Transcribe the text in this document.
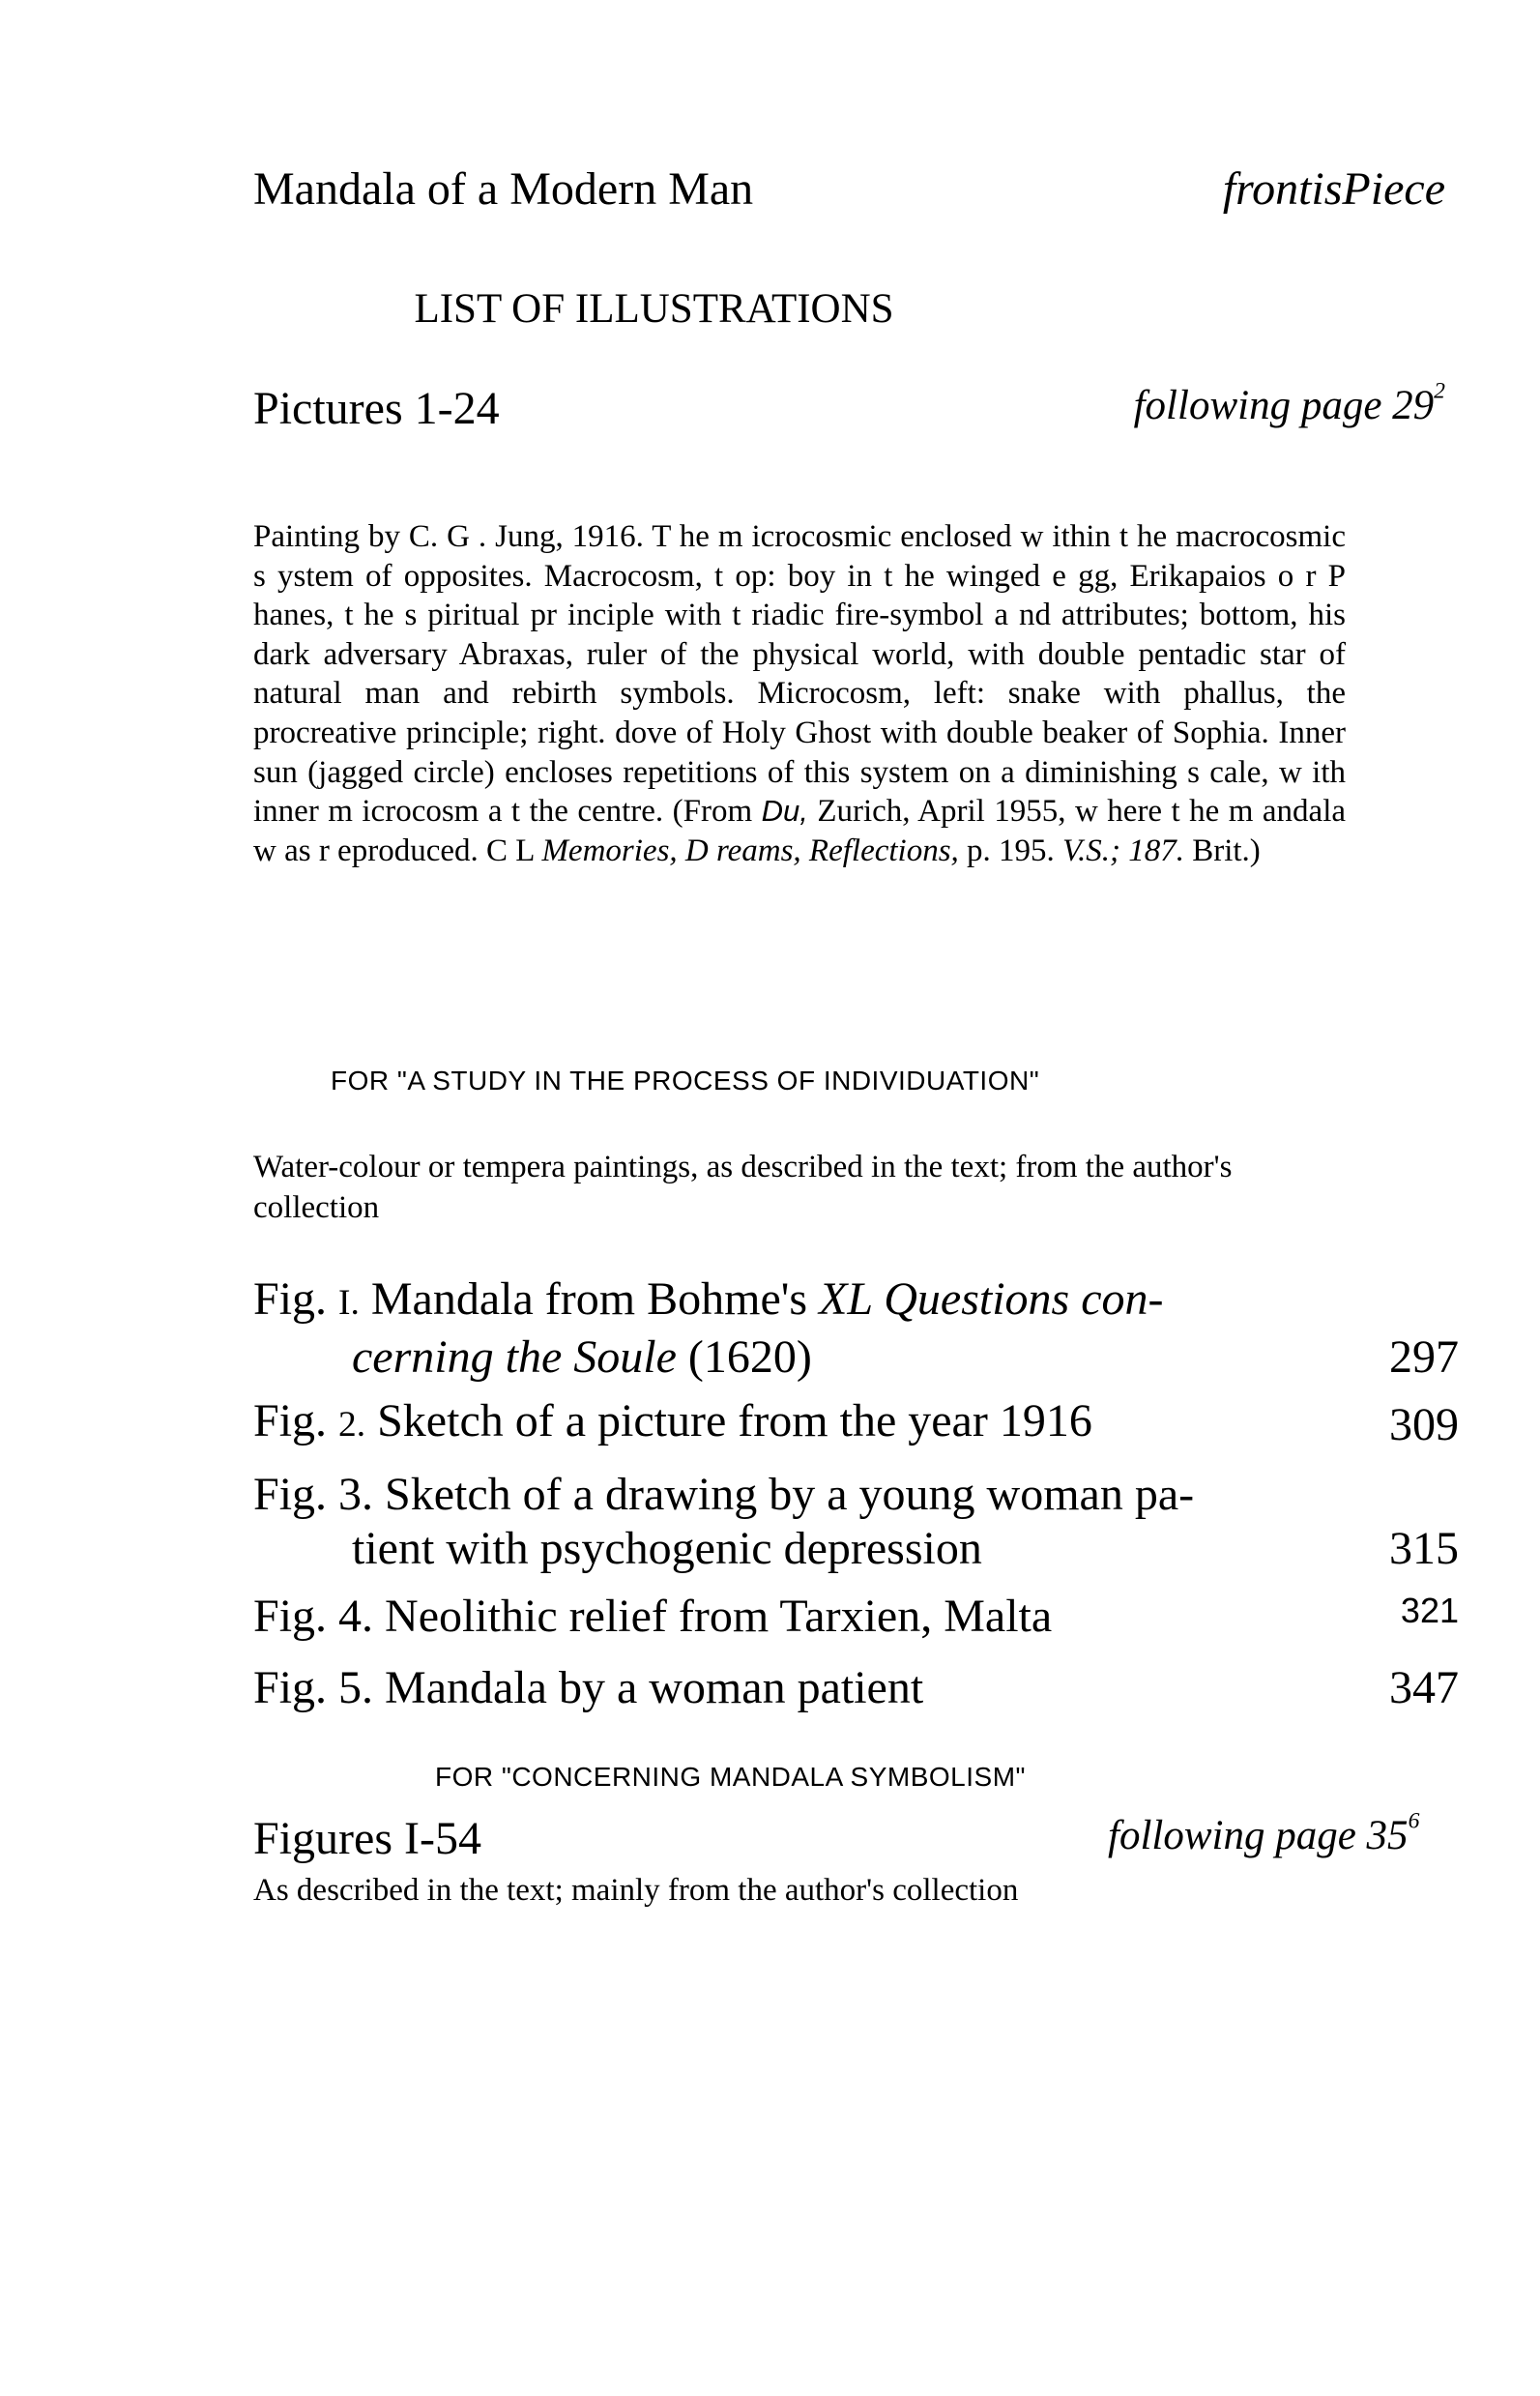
Mandala of a Modern Man	frontisPiece
LIST OF ILLUSTRATIONS
Pictures 1-24	following page $29^2$
Painting by C. G . Jung, 1916. T he m icrocosmic enclosed w ithin t he macrocosmic s ystem of opposites. Macrocosm, t op: boy in t he winged e gg, Erikapaios o r P hanes, t he s piritual pr inciple with t riadic fire-symbol a nd attributes; bottom, his dark adversary Abraxas, ruler of the physical world, with double pentadic star of natural man and rebirth symbols. Microcosm, left: snake with phallus, the procreative principle; right. dove of Holy Ghost with double beaker of Sophia. Inner sun (jagged circle) encloses repetitions of this system on a diminishing s cale, w ith inner m icrocosm a t the centre. (From Du, Zurich, April 1955, w here t he m andala w as r eproduced. C L Memories, D reams, Reflections, p. 195. V.S.; 187. Brit.)
FOR "A STUDY IN THE PROCESS OF INDIVIDUATION"
Water-colour or tempera paintings, as described in the text; from the author's collection
Fig. I. Mandala from Bohme's XL Questions con-
cerning the Soule (1620)	297
Fig. 2. Sketch of a picture from the year 1916	309
Fig. 3. Sketch of a drawing by a young woman pa-
tient with psychogenic depression	315
Fig. 4. Neolithic relief from Tarxien, Malta	321
Fig. 5. Mandala by a woman patient	347
FOR "CONCERNING MANDALA SYMBOLISM"
Figures I-54	following page $35^6$
As described in the text; mainly from the author's collection
